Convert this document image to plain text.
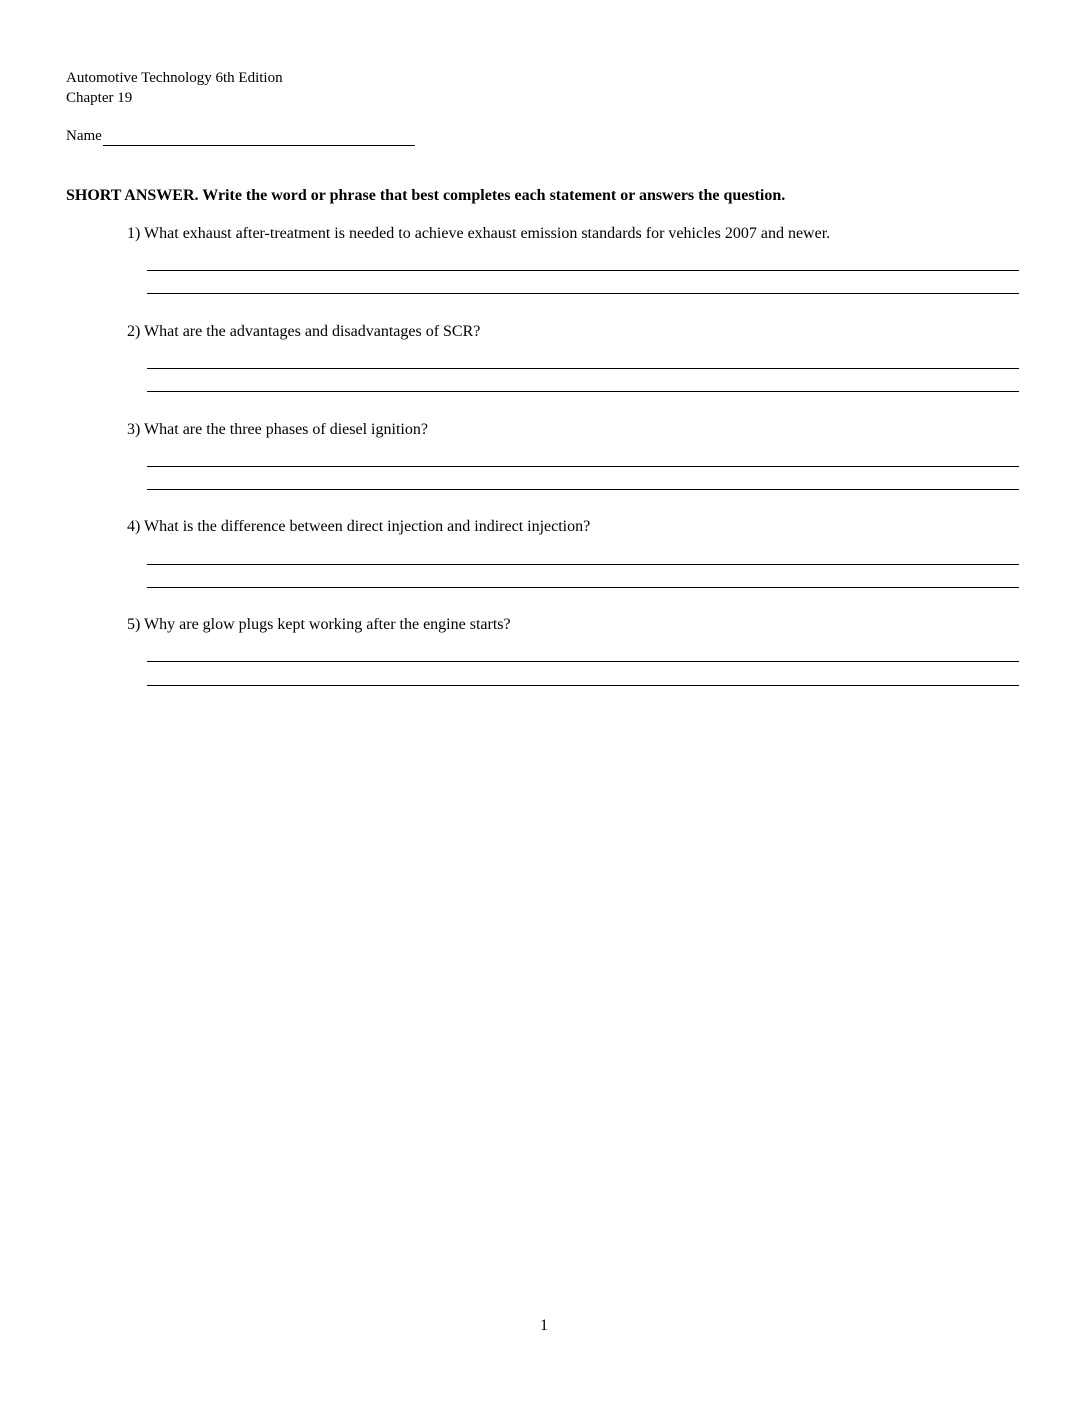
Automotive Technology 6th Edition
Chapter 19
Name
SHORT ANSWER. Write the word or phrase that best completes each statement or answers the question.
1) What exhaust after-treatment is needed to achieve exhaust emission standards for vehicles 2007 and newer.
2) What are the advantages and disadvantages of SCR?
3) What are the three phases of diesel ignition?
4) What is the difference between direct injection and indirect injection?
5) Why are glow plugs kept working after the engine starts?
1
